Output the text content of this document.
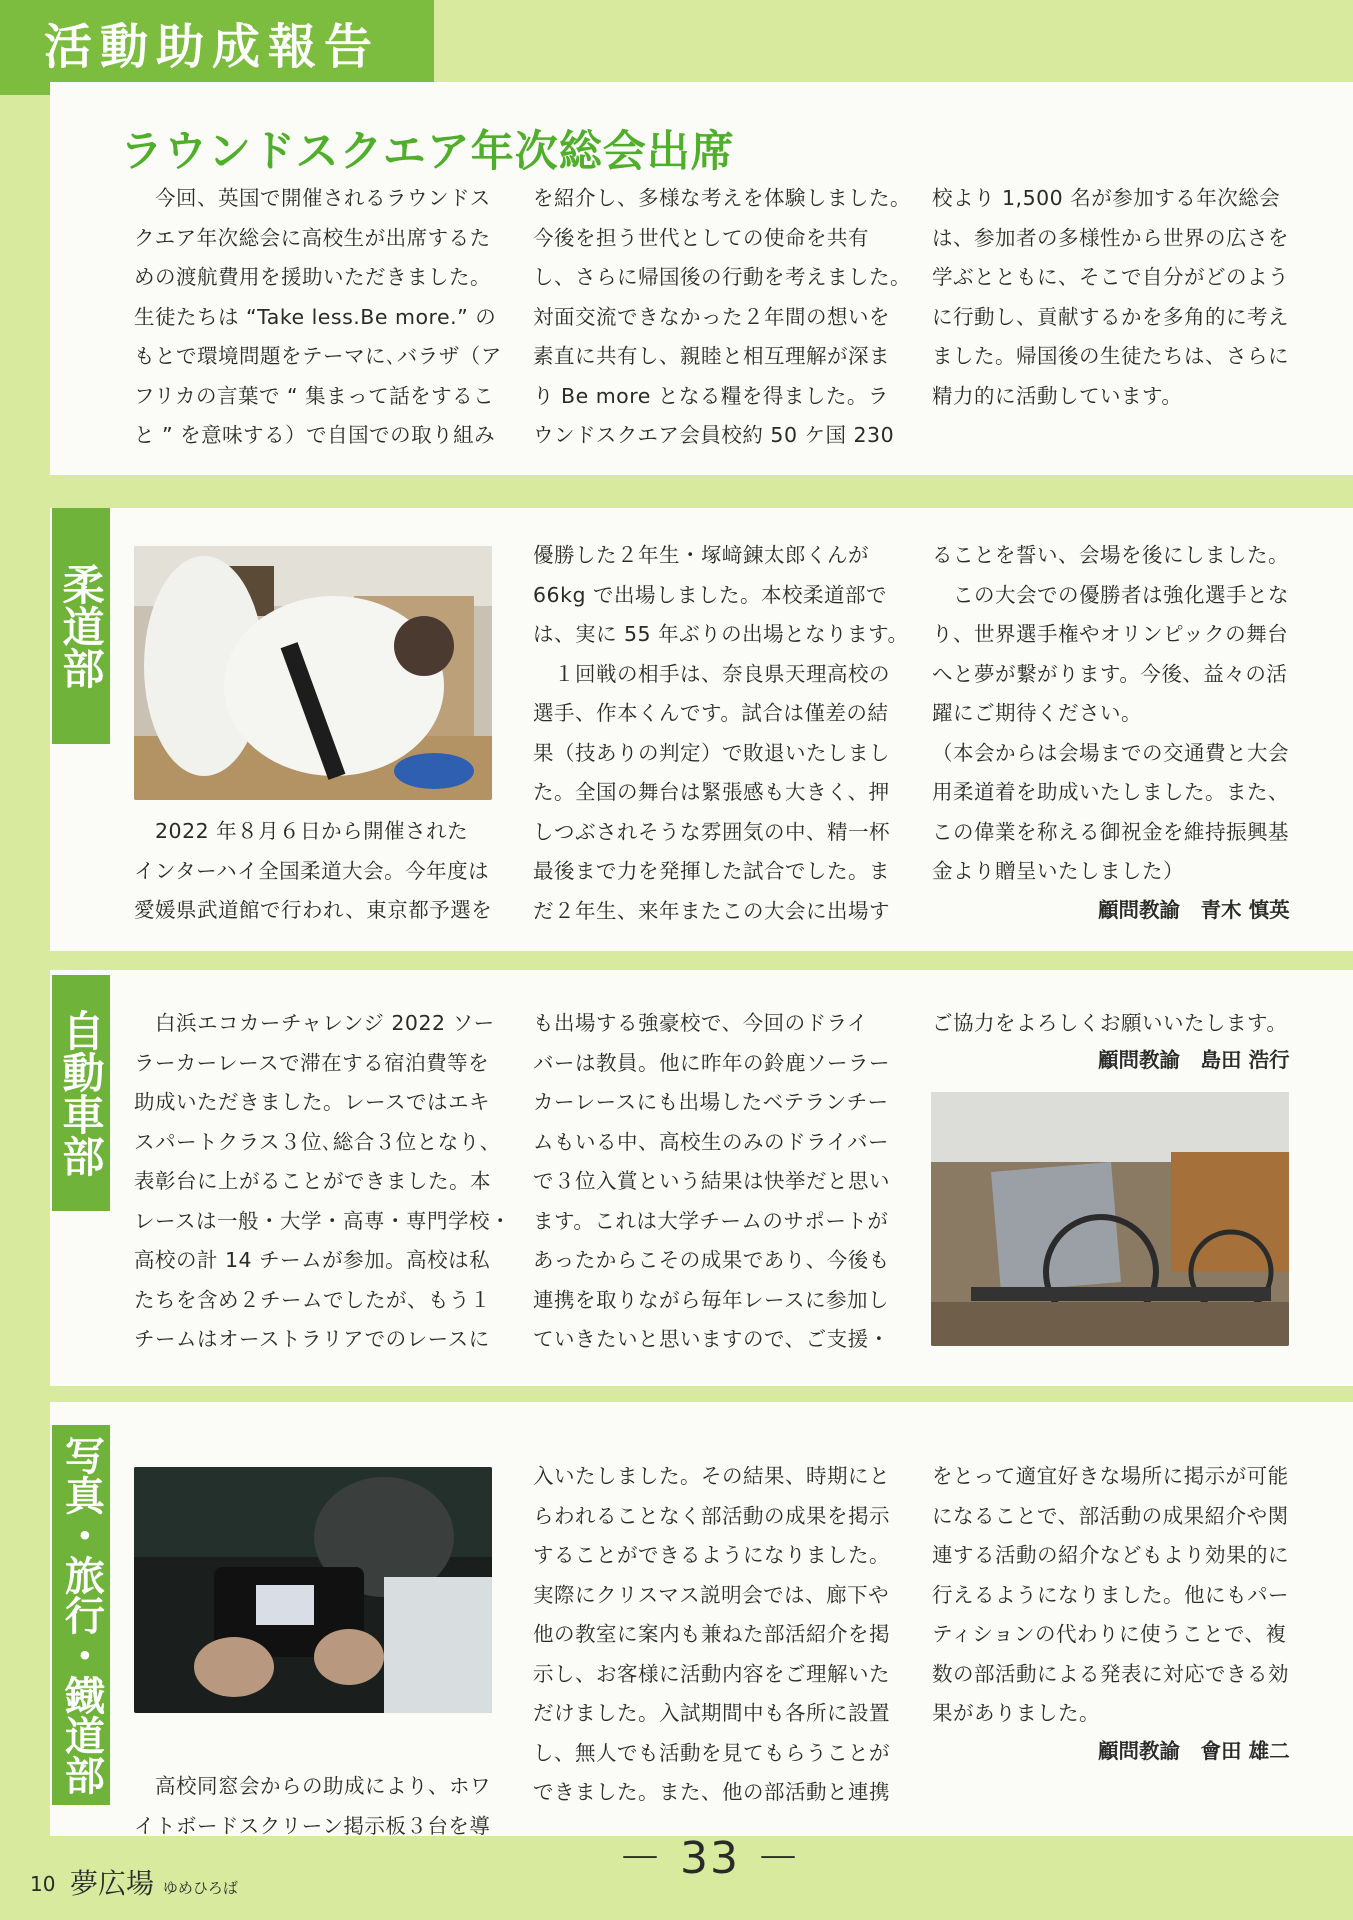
活動助成報告
ラウンドスクエア年次総会出席
　今回、英国で開催されるラウンドス
クエア年次総会に高校生が出席するた
めの渡航費用を援助いただきました。
生徒たちは “Take less.Be more.” の
もとで環境問題をテーマに､バラザ（ア
フリカの言葉で “ 集まって話をするこ
と ” を意味する）で自国での取り組み
を紹介し、多様な考えを体験しました。
今後を担う世代としての使命を共有
し、さらに帰国後の行動を考えました。
対面交流できなかった２年間の想いを
素直に共有し、親睦と相互理解が深ま
り Be more となる糧を得ました。ラ
ウンドスクエア会員校約 50 ケ国 230
校より 1,500 名が参加する年次総会
は、参加者の多様性から世界の広さを
学ぶとともに、そこで自分がどのよう
に行動し、貢献するかを多角的に考え
ました。帰国後の生徒たちは、さらに
精力的に活動しています。
柔道部
　2022 年８月６日から開催された
インターハイ全国柔道大会。今年度は
愛媛県武道館で行われ、東京都予選を
優勝した２年生・塚﨑錬太郎くんが
66kg で出場しました。本校柔道部で
は、実に 55 年ぶりの出場となります。
　１回戦の相手は、奈良県天理高校の
選手、作本くんです。試合は僅差の結
果（技ありの判定）で敗退いたしまし
た。全国の舞台は緊張感も大きく、押
しつぶされそうな雰囲気の中、精一杯
最後まで力を発揮した試合でした。ま
だ２年生、来年またこの大会に出場す
ることを誓い、会場を後にしました。
　この大会での優勝者は強化選手とな
り、世界選手権やオリンピックの舞台
へと夢が繋がります。今後、益々の活
躍にご期待ください。
（本会からは会場までの交通費と大会
用柔道着を助成いたしました。また、
この偉業を称える御祝金を維持振興基
金より贈呈いたしました）
顧問教諭　青木 慎英
自動車部	　白浜エコカーチャレンジ 2022 ソー
ラーカーレースで滞在する宿泊費等を
助成いただきました。レースではエキ
スパートクラス３位､総合３位となり、
表彰台に上がることができました。本
レースは一般・大学・高専・専門学校・
高校の計 14 チームが参加。高校は私
たちを含め２チームでしたが、もう１
チームはオーストラリアでのレースに
も出場する強豪校で、今回のドライ
バーは教員。他に昨年の鈴鹿ソーラー
カーレースにも出場したベテランチー
ムもいる中、高校生のみのドライバー
で３位入賞という結果は快挙だと思い
ます。これは大学チームのサポートが
あったからこその成果であり、今後も
連携を取りながら毎年レースに参加し
ていきたいと思いますので、ご支援・
ご協力をよろしくお願いいたします。
顧問教諭　島田 浩行
写真・旅行・鐡道部	　高校同窓会からの助成により、ホワ
イトボードスクリーン掲示板３台を導
入いたしました。その結果、時期にと
らわれることなく部活動の成果を掲示
することができるようになりました。
実際にクリスマス説明会では、廊下や
他の教室に案内も兼ねた部活紹介を掲
示し、お客様に活動内容をご理解いた
だけました。入試期間中も各所に設置
し、無人でも活動を見てもらうことが
できました。また、他の部活動と連携
をとって適宜好きな場所に掲示が可能
になることで、部活動の成果紹介や関
連する活動の紹介などもより効果的に
行えるようになりました。他にもパー
ティションの代わりに使うことで、複
数の部活動による発表に対応できる効
果がありました。
顧問教諭　會田 雄二
－ 33 －
10 夢広場 ゆめひろば
